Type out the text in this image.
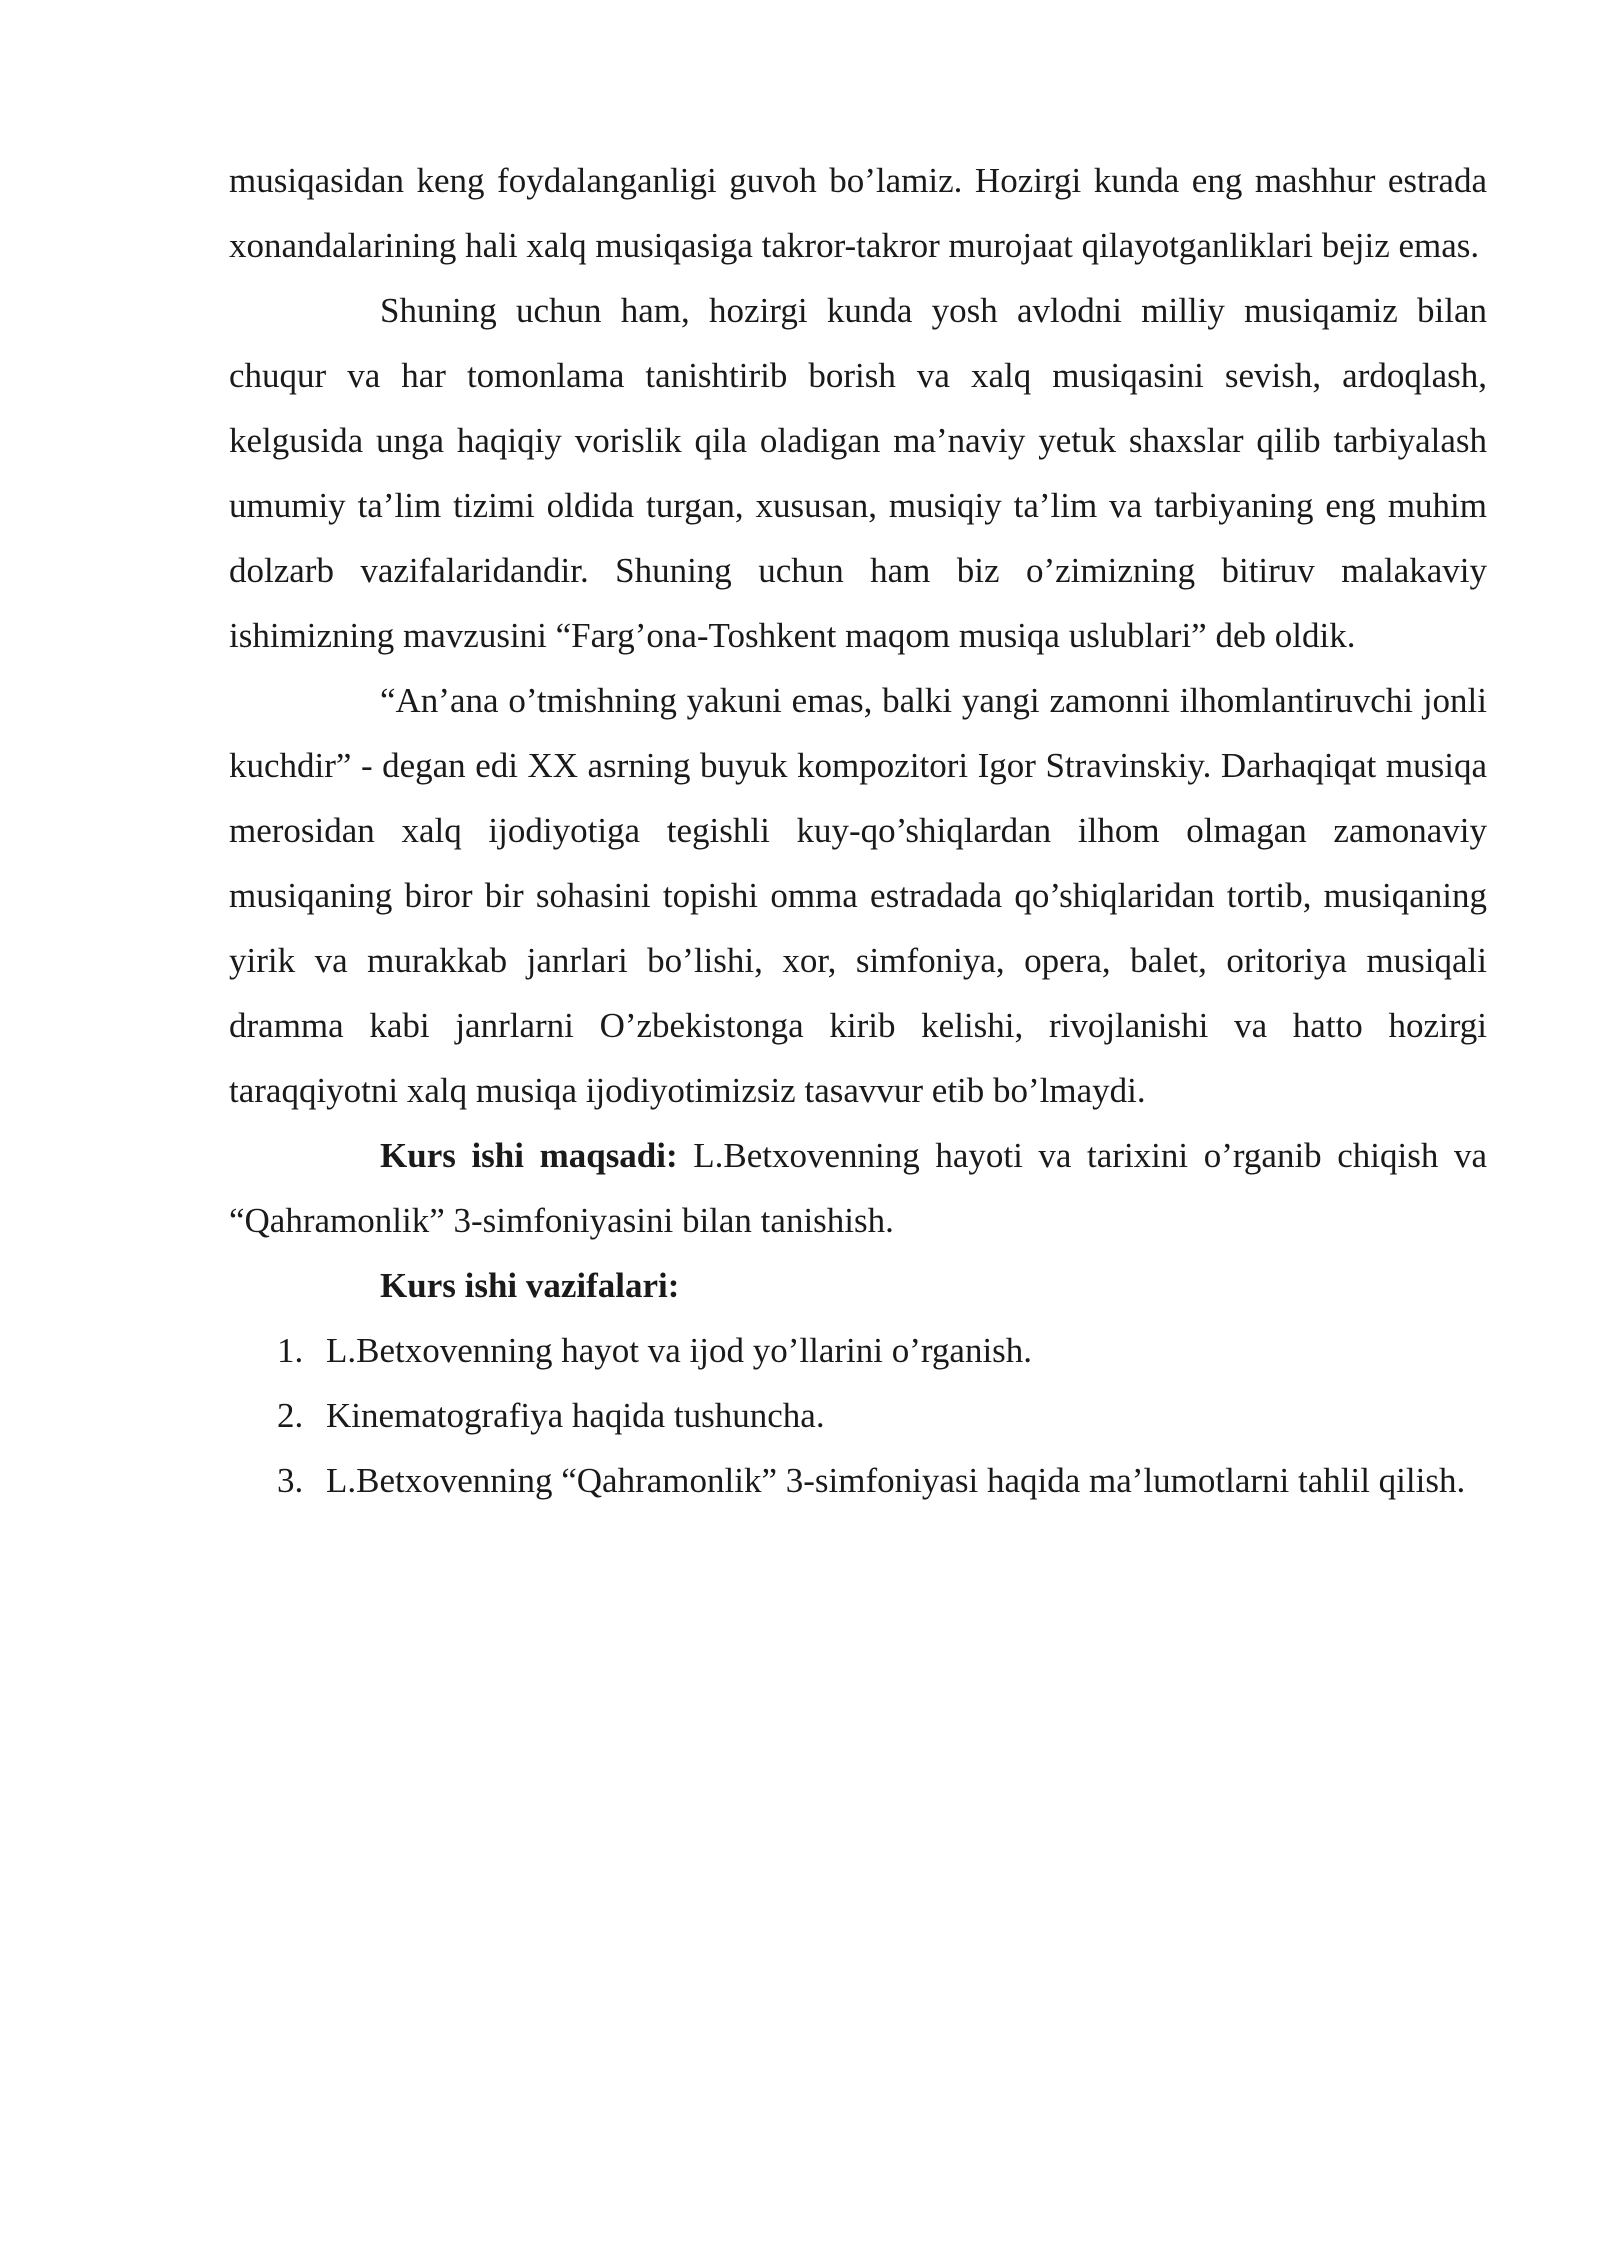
musiqasidan keng foydalanganligi guvoh bo’lamiz. Hozirgi kunda eng mashhur estrada xonandalarining hali xalq musiqasiga takror-takror murojaat qilayotganliklari bejiz emas.

Shuning uchun ham, hozirgi kunda yosh avlodni milliy musiqamiz bilan chuqur va har tomonlama tanishtirib borish va xalq musiqasini sevish, ardoqlash, kelgusida unga haqiqiy vorislik qila oladigan ma’naviy yetuk shaxslar qilib tarbiyalash umumiy ta’lim tizimi oldida turgan, xususan, musiqiy ta’lim va tarbiyaning eng muhim dolzarb vazifalaridandir. Shuning uchun ham biz o’zimizning bitiruv malakaviy ishimizning mavzusini “Farg’ona-Toshkent maqom musiqa uslublari” deb oldik.

“An’ana o’tmishning yakuni emas, balki yangi zamonni ilhomlantiruvchi jonli kuchdir” - degan edi XX asrning buyuk kompozitori Igor Stravinskiy. Darhaqiqat musiqa merosidan xalq ijodiyotiga tegishli kuy-qo’shiqlardan ilhom olmagan zamonaviy musiqaning biror bir sohasini topishi omma estradada qo’shiqlaridan tortib, musiqaning yirik va murakkab janrlari bo’lishi, xor, simfoniya, opera, balet, oritoriya musiqali dramma kabi janrlarni O’zbekistonga kirib kelishi, rivojlanishi va hatto hozirgi taraqqiyotni xalq musiqa ijodiyotimizsiz tasavvur etib bo’lmaydi.

Kurs ishi maqsadi: L.Betxovenning hayoti va tarixini o’rganib chiqish va “Qahramonlik” 3-simfoniyasini bilan tanishish.

Kurs ishi vazifalari:

1. L.Betxovenning hayot va ijod yo’llarini o’rganish.
2. Kinematografiya haqida tushuncha.
3. L.Betxovenning “Qahramonlik” 3-simfoniyasi haqida ma’lumotlarni tahlil qilish.
